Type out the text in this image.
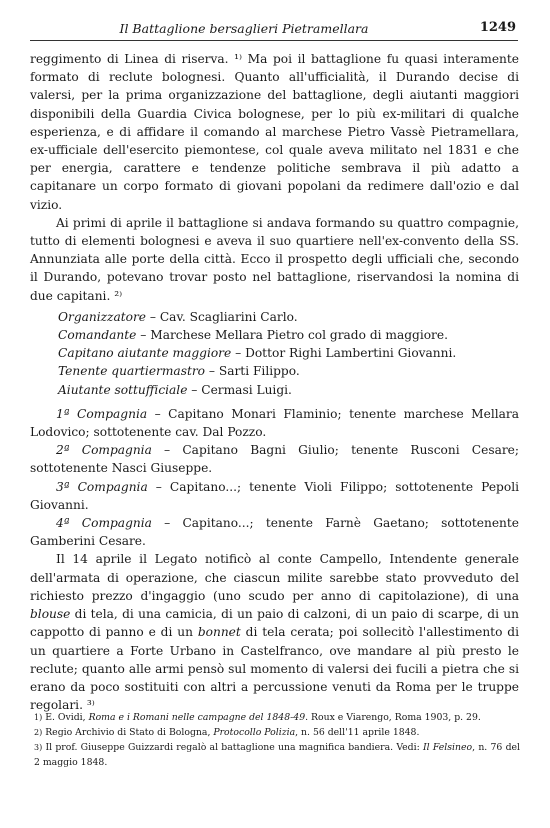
Il Battaglione bersaglieri Pietramellara	1249

reggimento di Linea di riserva. ¹⁾ Ma poi il battaglione fu quasi interamente formato di reclute bolognesi. Quanto all'ufficialità, il Durando decise di valersi, per la prima organizzazione del battaglione, degli aiutanti maggiori disponibili della Guardia Civica bolognese, per lo più ex-militari di qualche esperienza, e di affidare il comando al marchese Pietro Vassè Pietramellara, ex-ufficiale dell'esercito piemontese, col quale aveva militato nel 1831 e che per energia, carattere e tendenze politiche sembrava il più adatto a capitanare un corpo formato di giovani popolani da redimere dall'ozio e dal vizio.

Ai primi di aprile il battaglione si andava formando su quattro compagnie, tutto di elementi bolognesi e aveva il suo quartiere nell'ex-convento della SS. Annunziata alle porte della città. Ecco il prospetto degli ufficiali che, secondo il Durando, potevano trovar posto nel battaglione, riservandosi la nomina di due capitani. ²⁾

Organizzatore – Cav. Scagliarini Carlo.
Comandante – Marchese Mellara Pietro col grado di maggiore.
Capitano aiutante maggiore – Dottor Righi Lambertini Giovanni.
Tenente quartiermastro – Sarti Filippo.
Aiutante sottufficiale – Cermasi Luigi.

1ª Compagnia – Capitano Monari Flaminio; tenente marchese Mellara Lodovico; sottotenente cav. Dal Pozzo.

2ª Compagnia – Capitano Bagni Giulio; tenente Rusconi Cesare; sottotenente Nasci Giuseppe.

3ª Compagnia – Capitano...; tenente Violi Filippo; sottotenente Pepoli Giovanni.

4ª Compagnia – Capitano...; tenente Farnè Gaetano; sottotenente Gamberini Cesare.

Il 14 aprile il Legato notificò al conte Campello, Intendente generale dell'armata di operazione, che ciascun milite sarebbe stato provveduto del richiesto prezzo d'ingaggio (uno scudo per anno di capitolazione), di una blouse di tela, di una camicia, di un paio di calzoni, di un paio di scarpe, di un cappotto di panno e di un bonnet di tela cerata; poi sollecitò l'allestimento di un quartiere a Forte Urbano in Castelfranco, ove mandare al più presto le reclute; quanto alle armi pensò sul momento di valersi dei fucili a pietra che si erano da poco sostituiti con altri a percussione venuti da Roma per le truppe regolari. ³⁾

1) E. Ovidi, Roma e i Romani nelle campagne del 1848-49. Roux e Viarengo, Roma 1903, p. 29.
2) Regio Archivio di Stato di Bologna, Protocollo Polizia, n. 56 dell'11 aprile 1848.
3) Il prof. Giuseppe Guizzardi regalò al battaglione una magnifica bandiera. Vedi: Il Felsineo, n. 76 del 2 maggio 1848.
